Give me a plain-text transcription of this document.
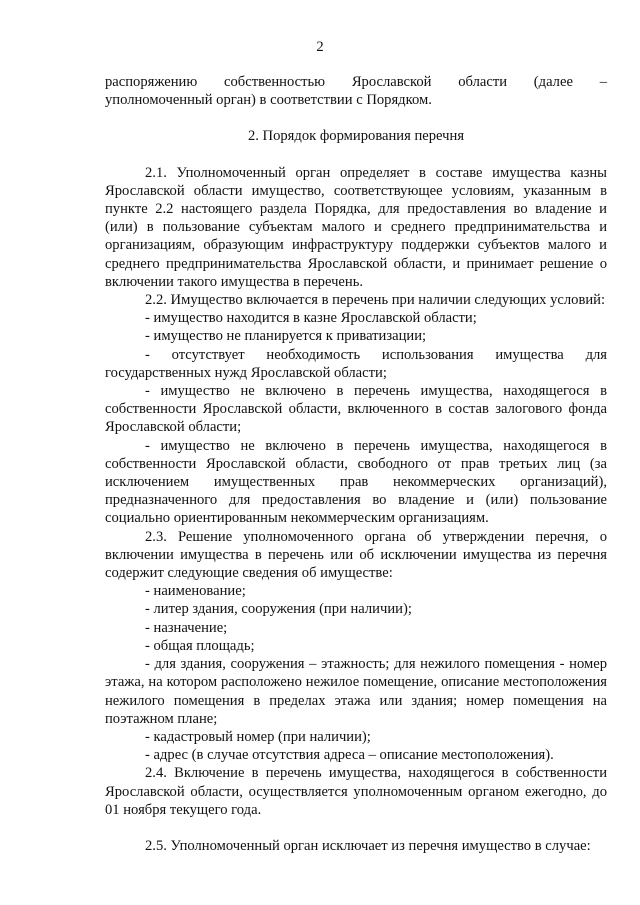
2

распоряжению собственностью Ярославской области (далее –

уполномоченный орган) в соответствии с Порядком.

2. Порядок формирования перечня

2.1. Уполномоченный орган определяет в составе имущества казны Ярославской области имущество, соответствующее условиям, указанным в пункте 2.2 настоящего раздела Порядка, для предоставления во владение и (или) в пользование субъектам малого и среднего предпринимательства и организациям, образующим инфраструктуру поддержки субъектов малого и среднего предпринимательства Ярославской области, и принимает решение о включении такого имущества в перечень.

2.2. Имущество включается в перечень при наличии следующих условий:

- имущество находится в казне Ярославской области;

- имущество не планируется к приватизации;

- отсутствует необходимость использования имущества для государственных нужд Ярославской области;

- имущество не включено в перечень имущества, находящегося в собственности Ярославской области, включенного в состав залогового фонда Ярославской области;

- имущество не включено в перечень имущества, находящегося в собственности Ярославской области, свободного от прав третьих лиц (за исключением имущественных прав некоммерческих организаций), предназначенного для предоставления во владение и (или) пользование социально ориентированным некоммерческим организациям.

2.3. Решение уполномоченного органа об утверждении перечня, о включении имущества в перечень или об исключении имущества из перечня содержит следующие сведения об имуществе:

- наименование;

- литер здания, сооружения (при наличии);

- назначение;

- общая площадь;

- для здания, сооружения – этажность; для нежилого помещения - номер этажа, на котором расположено нежилое помещение, описание местоположения нежилого помещения в пределах этажа или здания; номер помещения на поэтажном плане;

- кадастровый номер (при наличии);

- адрес (в случае отсутствия адреса – описание местоположения).

2.4. Включение в перечень имущества, находящегося в собственности Ярославской области, осуществляется уполномоченным органом ежегодно, до 01 ноября текущего года.

2.5. Уполномоченный орган исключает из перечня имущество в случае:
